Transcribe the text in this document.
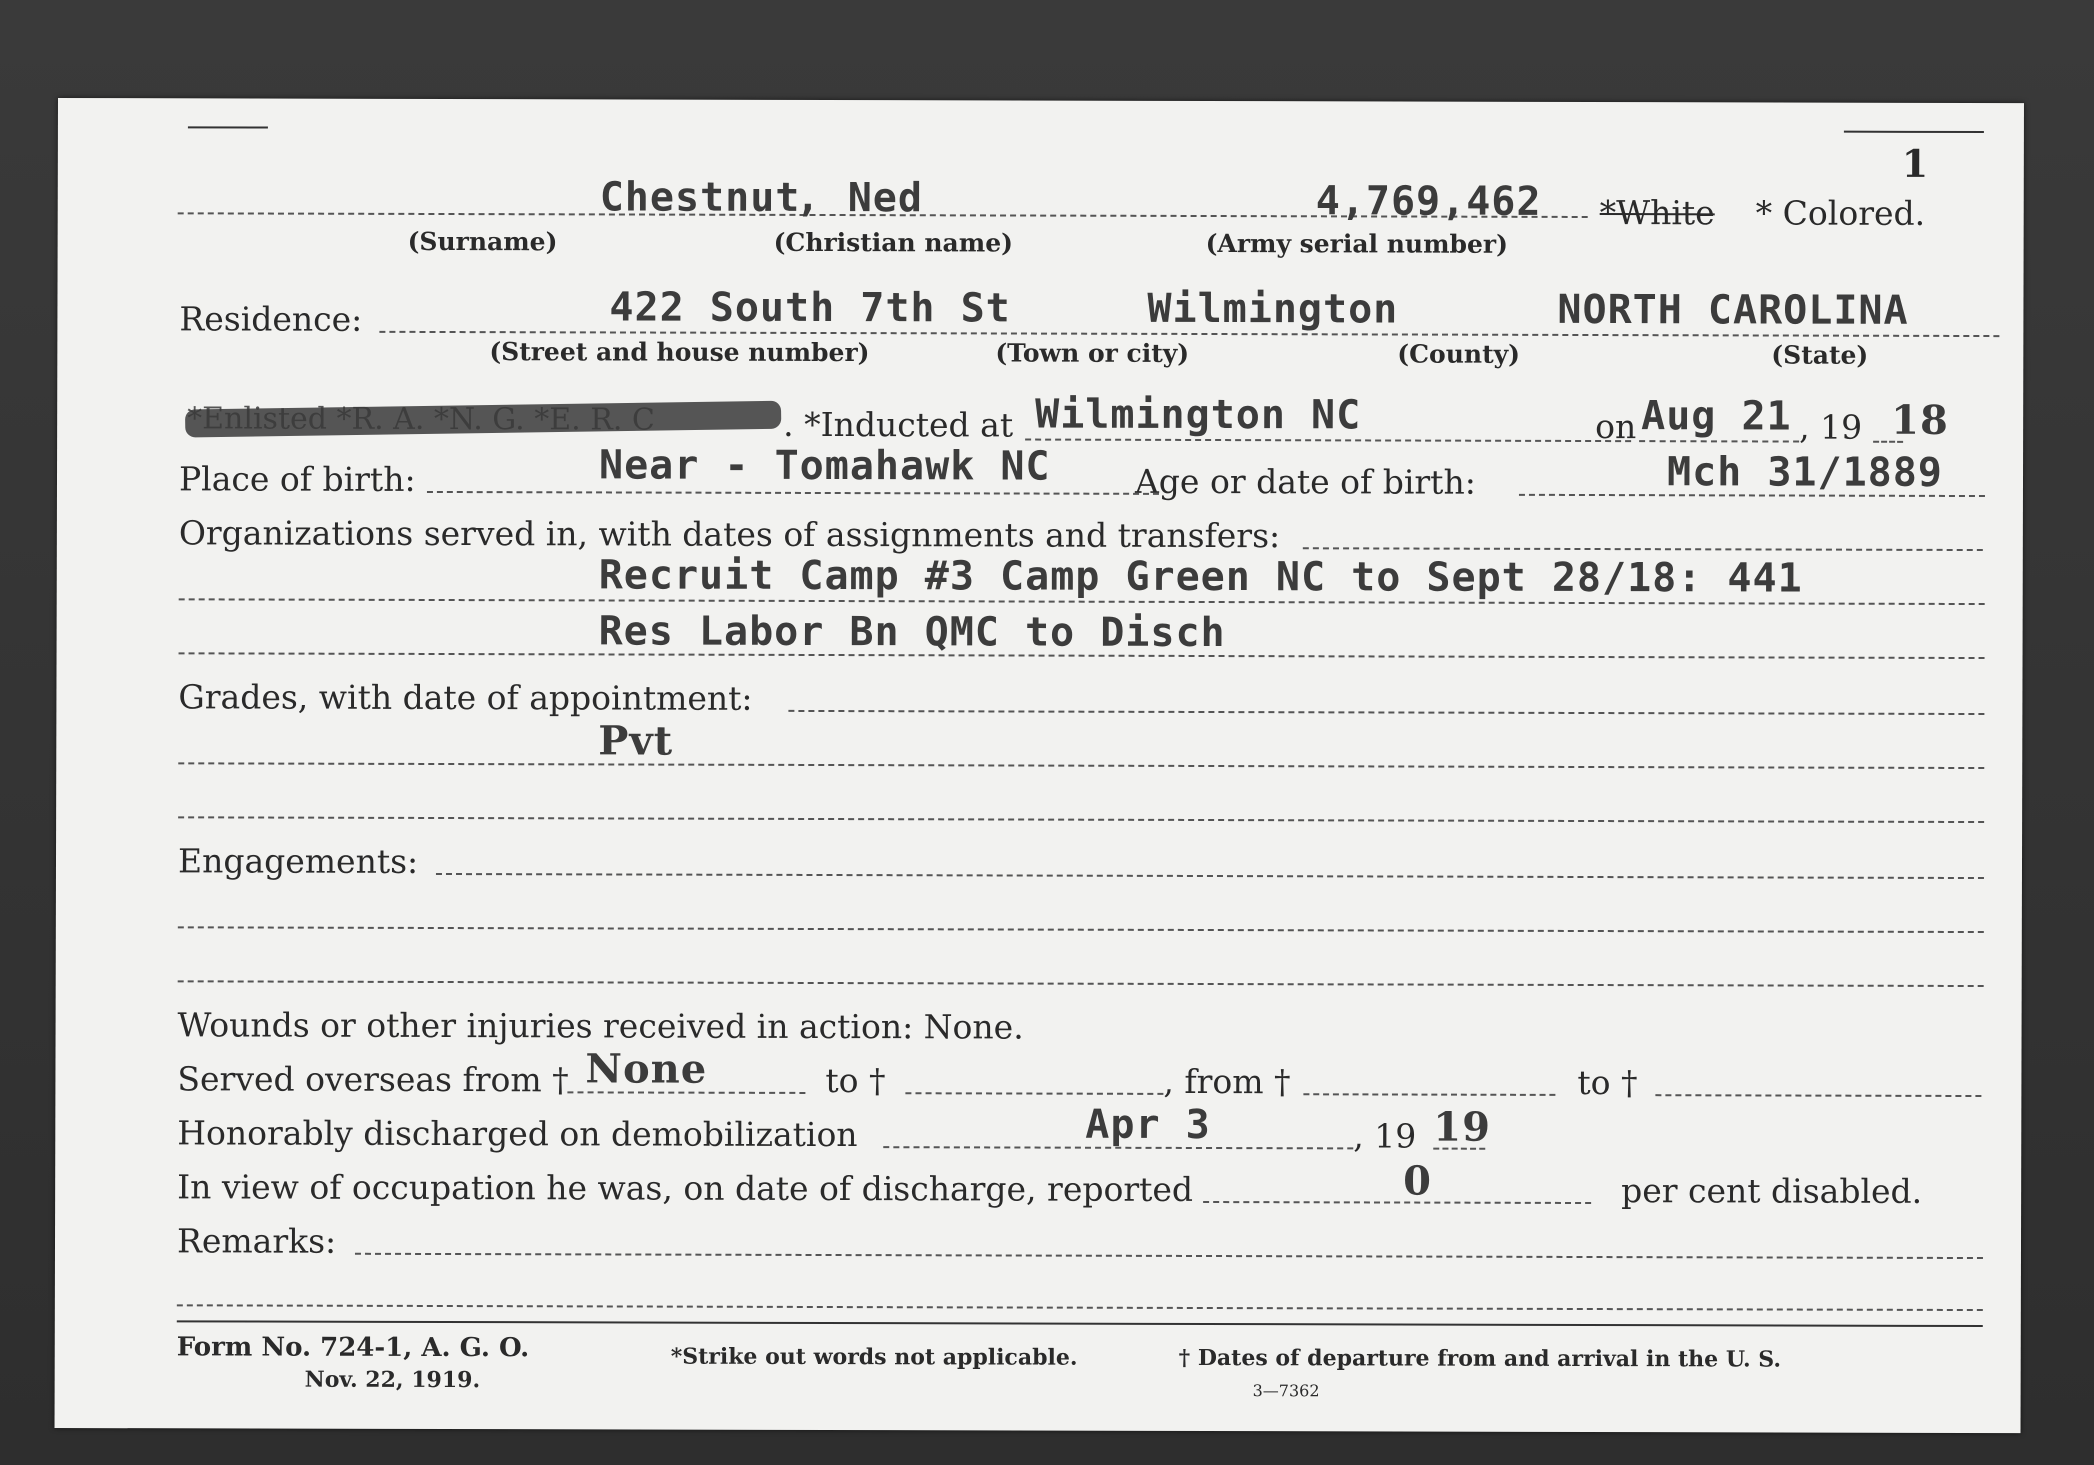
1
Chestnut
, Ned	4,769,462 *White * Colored.
(Surname)	(Christian name)	(Army serial number)
Residence:	422 South 7th St	Wilmington	NORTH CAROLINA
(Street and house number)	(Town or city)	(County)	(State)
. *Inducted at Wilmington NC	on Aug 21 , 19 18
Place of birth:	Near - Tomahawk NC	Age or date of birth:	Mch 31/1889
Organizations served in, with dates of assignments and transfers:
Recruit Camp #3 Camp Green NC to Sept 28/18: 441
Res Labor Bn QMC to Disch
Grades, with date of appointment:
Pvt
Engagements:
Wounds or other injuries received in action: None.
Served overseas from † None	to †	, from †	to †
Honorably discharged on demobilization	Apr 3	, 19 19
In view of occupation he was, on date of discharge, reported	0	per cent disabled.
Remarks:
Form No. 724-1, A. G. O.
Nov. 22, 1919.
*Strike out words not applicable.	† Dates of departure from and arrival in the U. S.
3—7362
